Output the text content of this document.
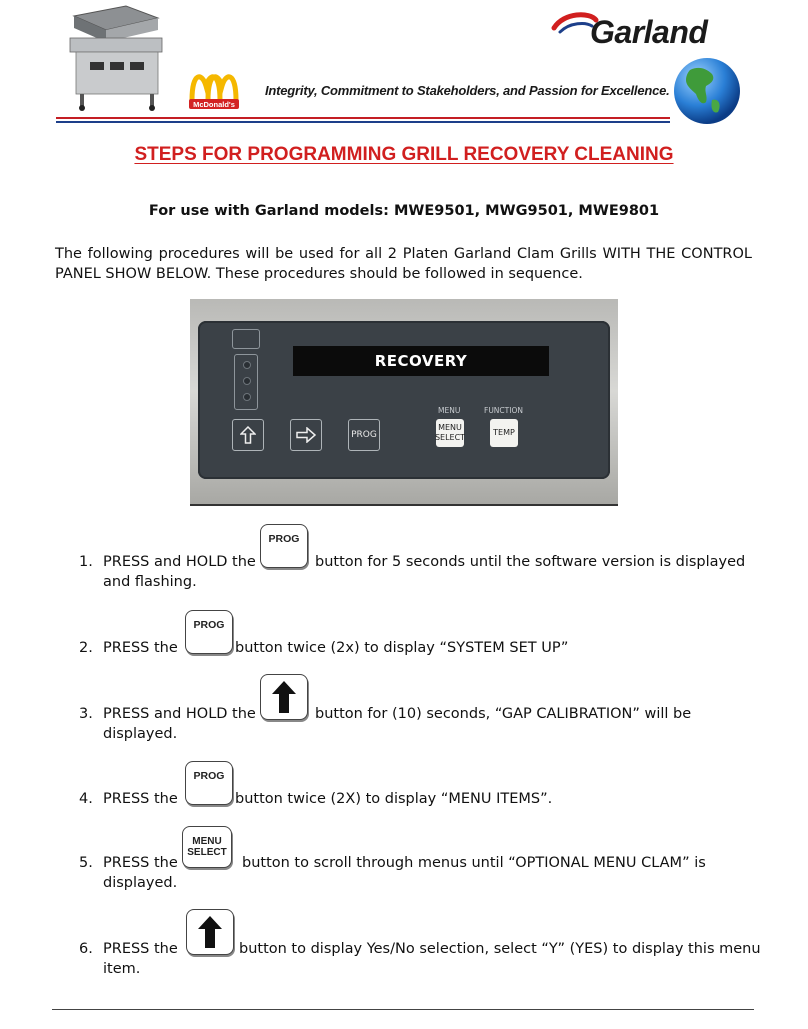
McDonald's
Integrity, Commitment to Stakeholders, and Passion for Excellence.
Garland
STEPS FOR PROGRAMMING GRILL RECOVERY CLEANING
For use with Garland models: MWE9501, MWG9501, MWE9801
The following procedures will be used for all 2 Platen Garland Clam Grills WITH THE CONTROL PANEL SHOW BELOW. These procedures should be followed in sequence.
RECOVERY
PROG
MENU
MENU
SELECT
FUNCTION
TEMP
1. PRESS and HOLD the	button for 5 seconds until the software version is displayed
and flashing.
PROG
2. PRESS the	button twice (2x) to display “SYSTEM SET UP”
PROG
3. PRESS and HOLD the	button for (10) seconds, “GAP CALIBRATION” will be
displayed.
4. PRESS the	button twice (2X) to display “MENU ITEMS”.
PROG
5. PRESS the	button to scroll through menus until “OPTIONAL MENU CLAM” is
displayed.
MENU
SELECT
6. PRESS the	button to display Yes/No selection, select “Y” (YES) to display this menu
item.
